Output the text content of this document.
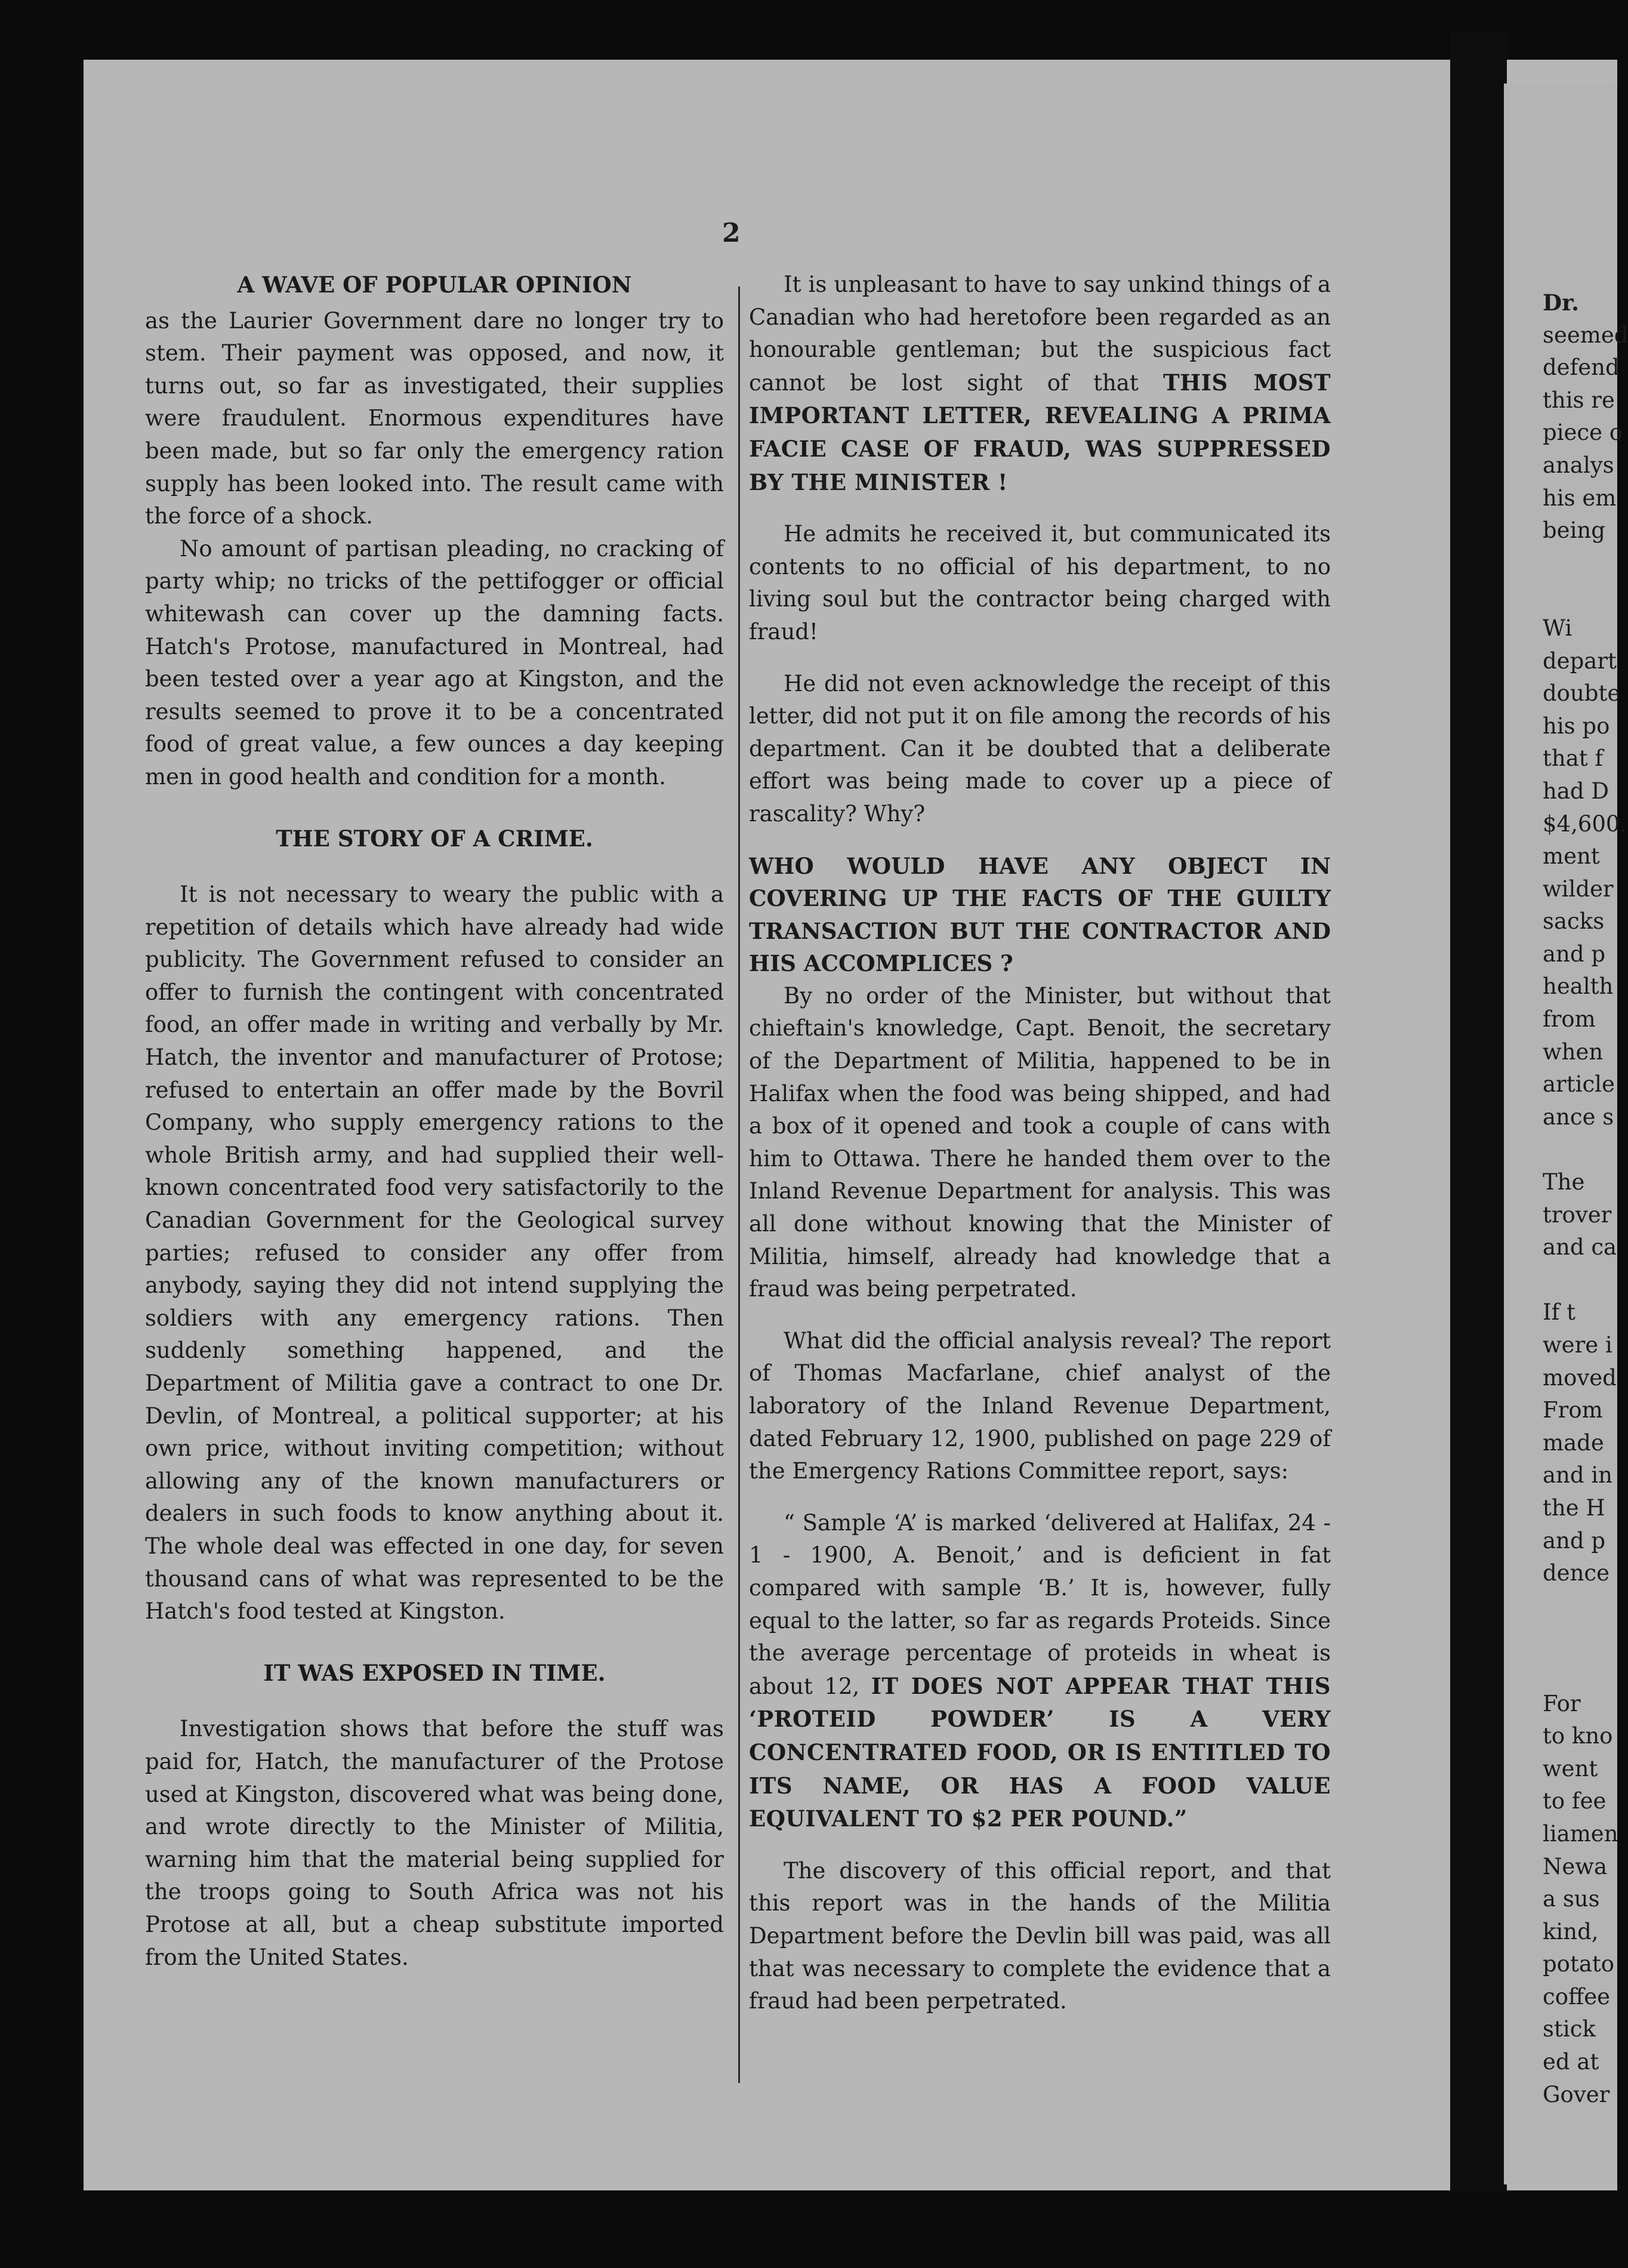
2
A WAVE OF POPULAR OPINION

as the Laurier Government dare no longer try to stem. Their payment was opposed, and now, it turns out, so far as investigated, their supplies were fraudulent. Enormous expenditures have been made, but so far only the emergency ration supply has been looked into. The result came with the force of a shock.

No amount of partisan pleading, no cracking of party whip; no tricks of the pettifogger or official whitewash can cover up the damning facts. Hatch's Protose, manufactured in Montreal, had been tested over a year ago at Kingston, and the results seemed to prove it to be a concentrated food of great value, a few ounces a day keeping men in good health and condition for a month.

THE STORY OF A CRIME.

It is not necessary to weary the public with a repetition of details which have already had wide publicity. The Government refused to consider an offer to furnish the contingent with concentrated food, an offer made in writing and verbally by Mr. Hatch, the inventor and manufacturer of Protose; refused to entertain an offer made by the Bovril Company, who supply emergency rations to the whole British army, and had supplied their well-known concentrated food very satisfactorily to the Canadian Government for the Geological survey parties; refused to consider any offer from anybody, saying they did not intend supplying the soldiers with any emergency rations. Then suddenly something happened, and the Department of Militia gave a contract to one Dr. Devlin, of Montreal, a political supporter; at his own price, without inviting competition; without allowing any of the known manufacturers or dealers in such foods to know anything about it. The whole deal was effected in one day, for seven thousand cans of what was represented to be the Hatch's food tested at Kingston.

IT WAS EXPOSED IN TIME.

Investigation shows that before the stuff was paid for, Hatch, the manufacturer of the Protose used at Kingston, discovered what was being done, and wrote directly to the Minister of Militia, warning him that the material being supplied for the troops going to South Africa was not his Protose at all, but a cheap substitute imported from the United States.

It is unpleasant to have to say unkind things of a Canadian who had heretofore been regarded as an honourable gentleman; but the suspicious fact cannot be lost sight of that THIS MOST IMPORTANT LETTER, REVEALING A PRIMA FACIE CASE OF FRAUD, WAS SUPPRESSED BY THE MINISTER !

He admits he received it, but communicated its contents to no official of his department, to no living soul but the contractor being charged with fraud!

He did not even acknowledge the receipt of this letter, did not put it on file among the records of his department. Can it be doubted that a deliberate effort was being made to cover up a piece of rascality? Why?

WHO WOULD HAVE ANY OBJECT IN COVERING UP THE FACTS OF THE GUILTY TRANSACTION BUT THE CONTRACTOR AND HIS ACCOMPLICES ?

By no order of the Minister, but without that chieftain's knowledge, Capt. Benoit, the secretary of the Department of Militia, happened to be in Halifax when the food was being shipped, and had a box of it opened and took a couple of cans with him to Ottawa. There he handed them over to the Inland Revenue Department for analysis. This was all done without knowing that the Minister of Militia, himself, already had knowledge that a fraud was being perpetrated.

What did the official analysis reveal? The report of Thomas Macfarlane, chief analyst of the laboratory of the Inland Revenue Department, dated February 12, 1900, published on page 229 of the Emergency Rations Committee report, says:

“ Sample ‘A’ is marked ‘delivered at Halifax, 24 - 1 - 1900, A. Benoit,’ and is deficient in fat compared with sample ‘B.’ It is, however, fully equal to the latter, so far as regards Proteids. Since the average percentage of proteids in wheat is about 12, IT DOES NOT APPEAR THAT THIS ‘PROTEID POWDER’ IS A VERY CONCENTRATED FOOD, OR IS ENTITLED TO ITS NAME, OR HAS A FOOD VALUE EQUIVALENT TO $2 PER POUND.”

The discovery of this official report, and that this report was in the hands of the Militia Department before the Devlin bill was paid, was all that was necessary to complete the evidence that a fraud had been perpetrated.

Dr.
seemed
defend
this re
piece o
analys
his em
being

Wi
depart
doubte
his po
that f
had D
$4,600.
ment
wilder
sacks
and p
health
from
when
article
ance s

The
trover
and ca

If t
were i
moved
From
made
and in
the H
and p
dence

For
to kno
went
to fee
liamen
Newa
a sus
kind,
potato
coffee
stick
ed at
Gover
